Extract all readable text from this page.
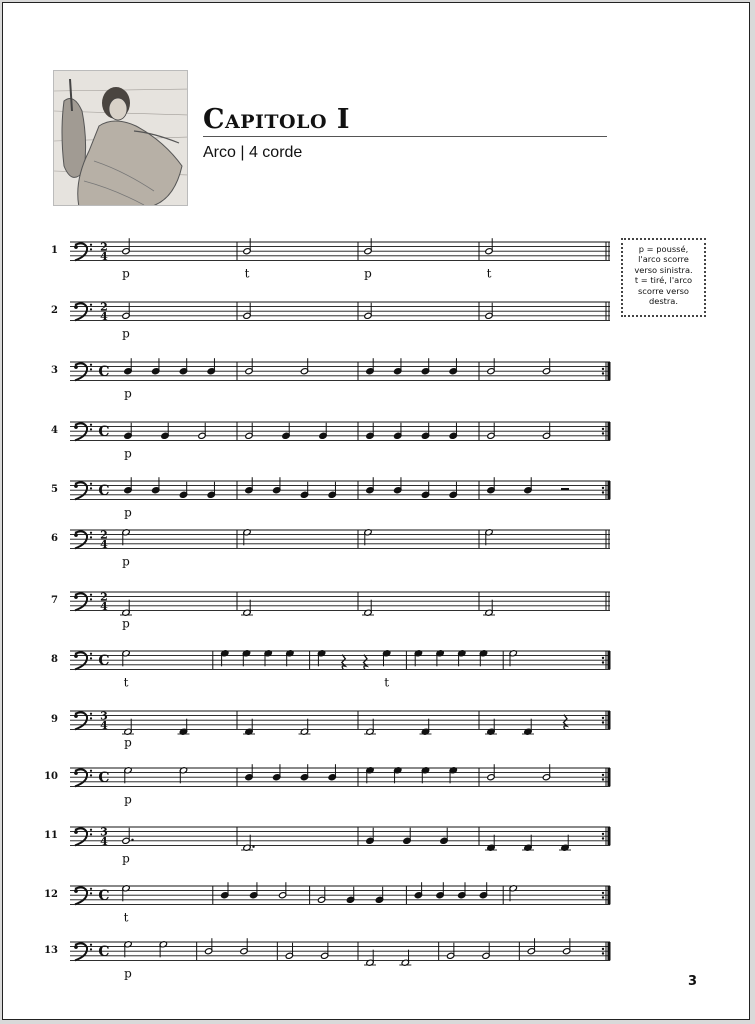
Capitolo I
Arco | 4 corde
p = poussé,
l'arco scorre
verso sinistra.
t = tiré, l'arco
scorre verso
destra.
1	2
4
p	t	p	t
2	2
4
p
3	C
p
4	C
p
5	C
p
6	2
4
p
7	2
4
p
8	C
t	t
9	3
4
p
10	C
p
11	3
4
p
12	C
t
13	C
p
3
